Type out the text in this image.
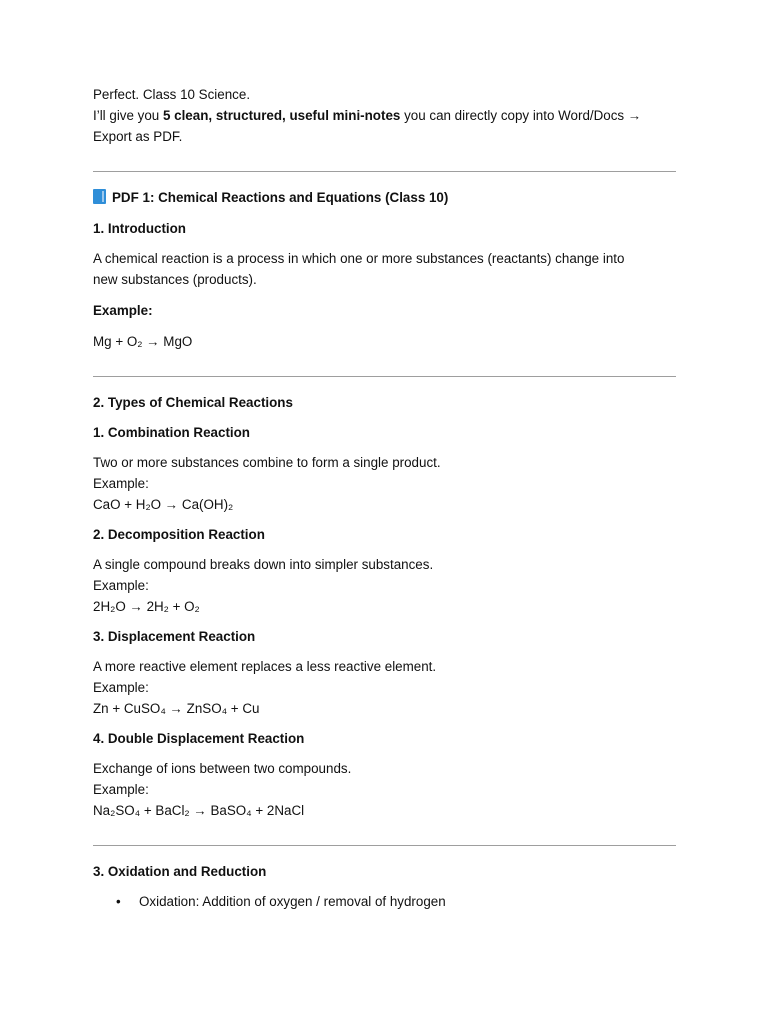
Perfect. Class 10 Science.

I’ll give you 5 clean, structured, useful mini-notes you can directly copy into Word/Docs →

Export as PDF.

PDF 1: Chemical Reactions and Equations (Class 10)

1. Introduction

A chemical reaction is a process in which one or more substances (reactants) change into
new substances (products).

Example:

Mg + O₂ → MgO

2. Types of Chemical Reactions

1. Combination Reaction

Two or more substances combine to form a single product.
Example:
CaO + H₂O → Ca(OH)₂

2. Decomposition Reaction

A single compound breaks down into simpler substances.
Example:
2H₂O → 2H₂ + O₂

3. Displacement Reaction

A more reactive element replaces a less reactive element.
Example:
Zn + CuSO₄ → ZnSO₄ + Cu

4. Double Displacement Reaction

Exchange of ions between two compounds.
Example:
Na₂SO₄ + BaCl₂ → BaSO₄ + 2NaCl

3. Oxidation and Reduction

• Oxidation: Addition of oxygen / removal of hydrogen
